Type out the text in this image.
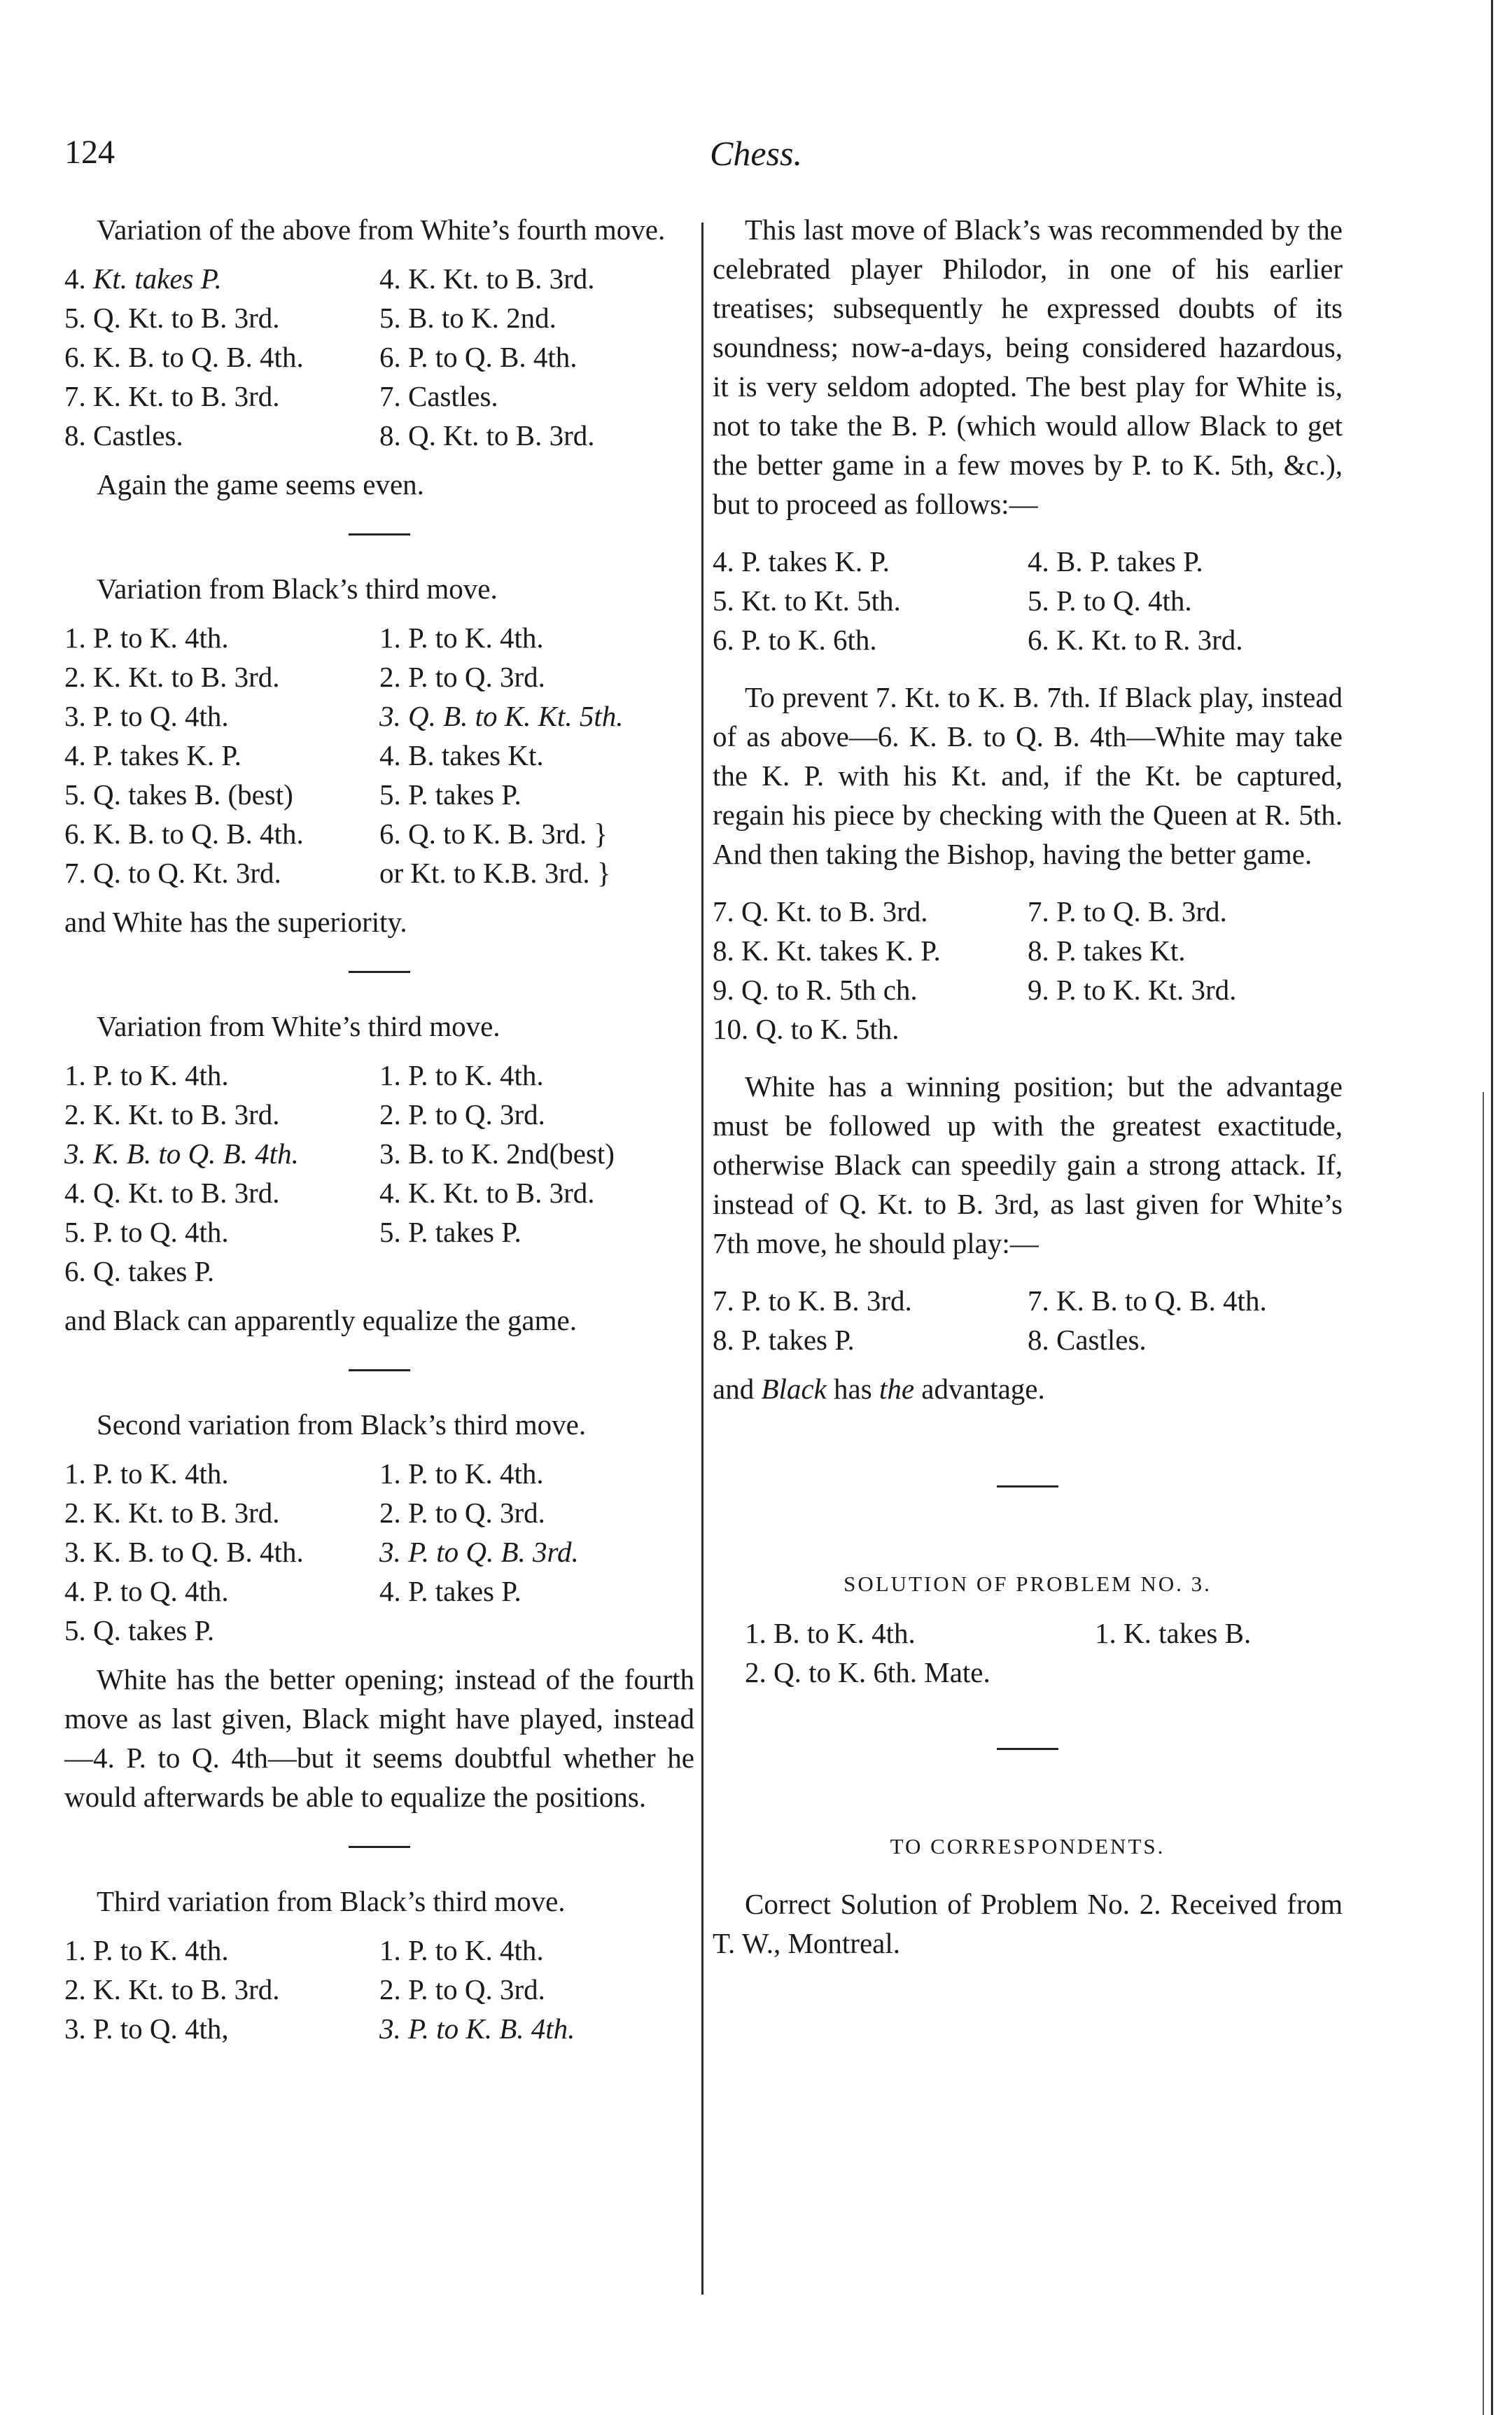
124	Chess.

Variation of the above from White’s fourth move.

4. Kt. takes P.	4. K. Kt. to B. 3rd.
5. Q. Kt. to B. 3rd.	5. B. to K. 2nd.
6. K. B. to Q. B. 4th.	6. P. to Q. B. 4th.
7. K. Kt. to B. 3rd.	7. Castles.
8. Castles.	8. Q. Kt. to B. 3rd.

Again the game seems even.

Variation from Black’s third move.

1. P. to K. 4th.	1. P. to K. 4th.
2. K. Kt. to B. 3rd.	2. P. to Q. 3rd.
3. P. to Q. 4th.	3. Q. B. to K. Kt. 5th.
4. P. takes K. P.	4. B. takes Kt.
5. Q. takes B. (best)	5. P. takes P.
6. K. B. to Q. B. 4th.	6. Q. to K. B. 3rd. }
7. Q. to Q. Kt. 3rd.	or Kt. to K.B. 3rd. }

and White has the superiority.

Variation from White’s third move.

1. P. to K. 4th.	1. P. to K. 4th.
2. K. Kt. to B. 3rd.	2. P. to Q. 3rd.
3. K. B. to Q. B. 4th.	3. B. to K. 2nd(best)
4. Q. Kt. to B. 3rd.	4. K. Kt. to B. 3rd.
5. P. to Q. 4th.	5. P. takes P.
6. Q. takes P.

and Black can apparently equalize the game.

Second variation from Black’s third move.

1. P. to K. 4th.	1. P. to K. 4th.
2. K. Kt. to B. 3rd.	2. P. to Q. 3rd.
3. K. B. to Q. B. 4th.	3. P. to Q. B. 3rd.
4. P. to Q. 4th.	4. P. takes P.
5. Q. takes P.

White has the better opening; instead of the fourth move as last given, Black might have played, instead—4. P. to Q. 4th—but it seems doubtful whether he would afterwards be able to equalize the positions.

Third variation from Black’s third move.

1. P. to K. 4th.	1. P. to K. 4th.
2. K. Kt. to B. 3rd.	2. P. to Q. 3rd.
3. P. to Q. 4th,	3. P. to K. B. 4th.

This last move of Black’s was recommended by the celebrated player Philodor, in one of his earlier treatises; subsequently he expressed doubts of its soundness; now-a-days, being considered hazardous, it is very seldom adopted. The best play for White is, not to take the B. P. (which would allow Black to get the better game in a few moves by P. to K. 5th, &c.), but to proceed as follows:—

4. P. takes K. P.	4. B. P. takes P.
5. Kt. to Kt. 5th.	5. P. to Q. 4th.
6. P. to K. 6th.	6. K. Kt. to R. 3rd.

To prevent 7. Kt. to K. B. 7th. If Black play, instead of as above—6. K. B. to Q. B. 4th—White may take the K. P. with his Kt. and, if the Kt. be captured, regain his piece by checking with the Queen at R. 5th. And then taking the Bishop, having the better game.

7. Q. Kt. to B. 3rd.	7. P. to Q. B. 3rd.
8. K. Kt. takes K. P.	8. P. takes Kt.
9. Q. to R. 5th ch.	9. P. to K. Kt. 3rd.
10. Q. to K. 5th.

White has a winning position; but the advantage must be followed up with the greatest exactitude, otherwise Black can speedily gain a strong attack. If, instead of Q. Kt. to B. 3rd, as last given for White’s 7th move, he should play:—

7. P. to K. B. 3rd.	7. K. B. to Q. B. 4th.
8. P. takes P.	8. Castles.

and Black has the advantage.

SOLUTION OF PROBLEM NO. 3.

1. B. to K. 4th.	1. K. takes B.
2. Q. to K. 6th. Mate.

TO CORRESPONDENTS.

Correct Solution of Problem No. 2. Received from T. W., Montreal.
